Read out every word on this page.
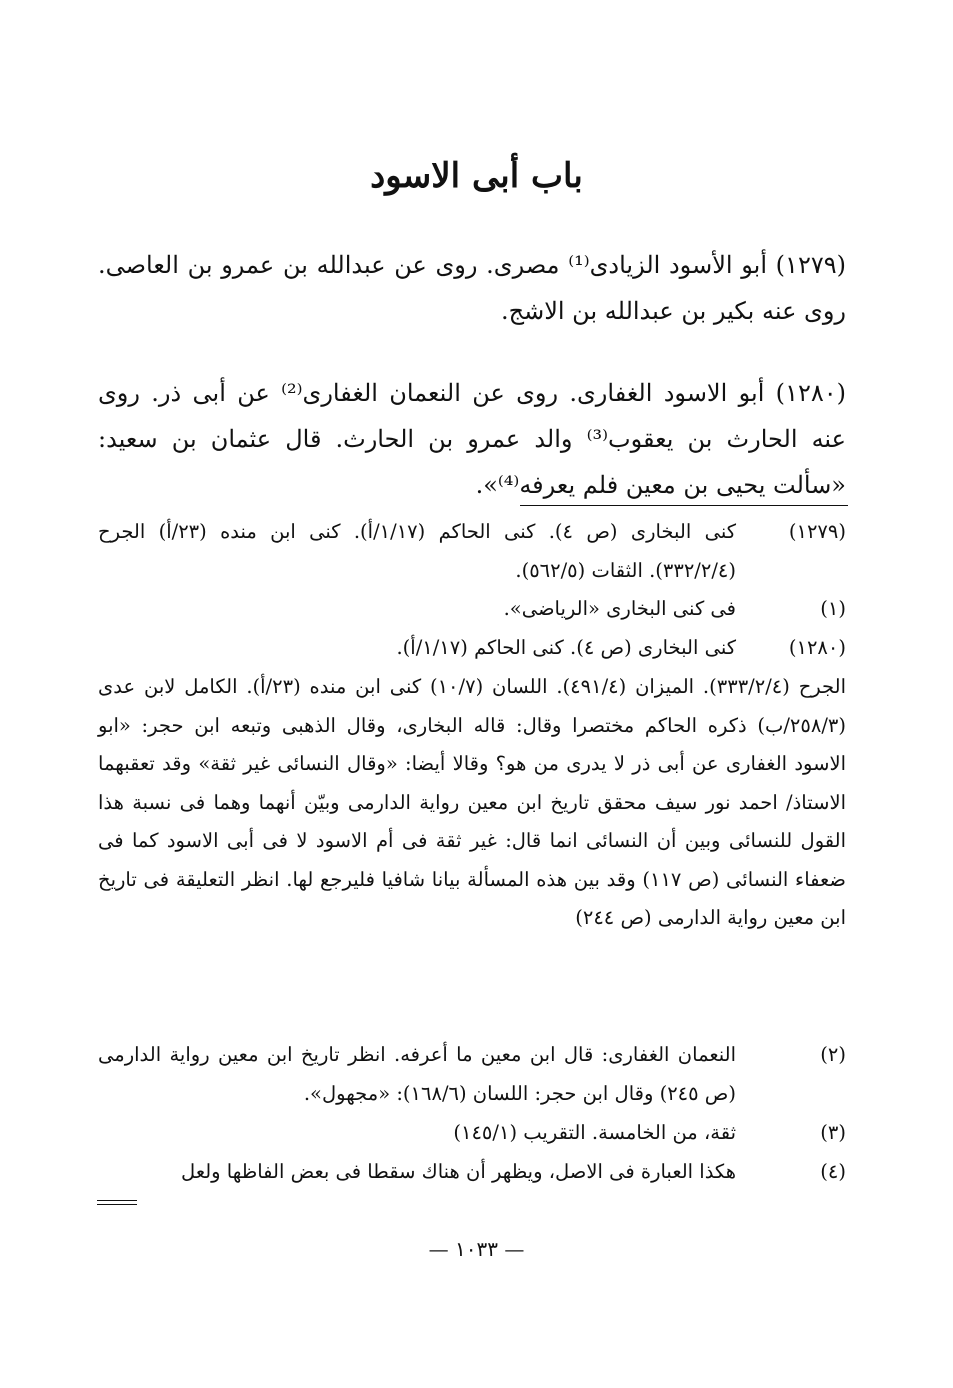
باب أبى الاسود
(١٢٧٩) أبو الأسود الزيادى⁽¹⁾ مصرى. روى عن عبدالله بن عمرو بن العاصى. روى عنه بكير بن عبدالله بن الاشج.
(١٢٨٠) أبو الاسود الغفارى. روى عن النعمان الغفارى⁽²⁾ عن أبى ذر. روى عنه الحارث بن يعقوب⁽³⁾ والد عمرو بن الحارث. قال عثمان بن سعيد: «سألت يحيى بن معين فلم يعرفه⁽⁴⁾».
(١٢٧٩)
كنى البخارى (ص ٤). كنى الحاكم (١/١٧/أ). كنى ابن منده (٢٣/أ) الجرح (٣٣٢/٢/٤). الثقات (٥٦٢/٥).
(١)
فى كنى البخارى «الرياضى».
(١٢٨٠)
كنى البخارى (ص ٤). كنى الحاكم (١/١٧/أ).
الجرح (٣٣٣/٢/٤). الميزان (٤٩١/٤). اللسان (١٠/٧) كنى ابن منده (٢٣/أ). الكامل لابن عدى (٢٥٨/٣/ب) ذكره الحاكم مختصرا وقال: قاله البخارى، وقال الذهبى وتبعه ابن حجر: «ابو الاسود الغفارى عن أبى ذر لا يدرى من هو؟ وقالا أيضا: «وقال النسائى غير ثقة» وقد تعقبهما الاستاذ/ احمد نور سيف محقق تاريخ ابن معين رواية الدارمى وبيّن أنهما وهما فى نسبة هذا القول للنسائى وبين أن النسائى انما قال: غير ثقة فى أم الاسود لا فى أبى الاسود كما فى ضعفاء النسائى (ص ١١٧) وقد بين هذه المسألة بيانا شافيا فليرجع لها. انظر التعليقة فى تاريخ ابن معين رواية الدارمى (ص ٢٤٤)
(٢)
النعمان الغفارى: قال ابن معين ما أعرفه. انظر تاريخ ابن معين رواية الدارمى (ص ٢٤٥) وقال ابن حجر: اللسان (١٦٨/٦): «مجهول».
(٣)
ثقة، من الخامسة. التقريب (١٤٥/١)
(٤)
هكذا العبارة فى الاصل، ويظهر أن هناك سقطا فى بعض الفاظها ولعل
— ١٠٣٣ —
